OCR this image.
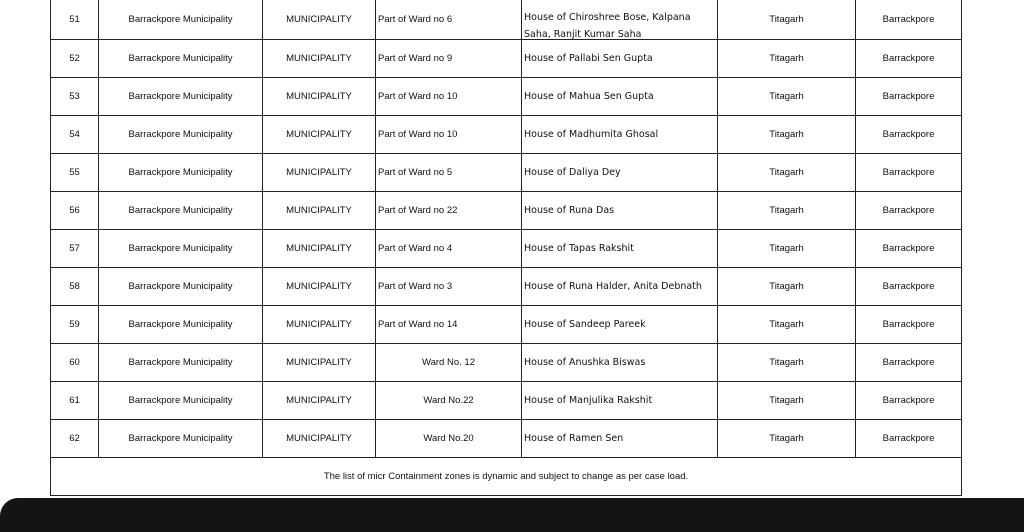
51	Barrackpore Municipality	MUNICIPALITY	Part of Ward no 6	House of Chiroshree Bose, Kalpana Saha, Ranjit Kumar Saha	Titagarh	Barrackpore
52	Barrackpore Municipality	MUNICIPALITY	Part of Ward no 9	House of Pallabi Sen Gupta	Titagarh	Barrackpore
53	Barrackpore Municipality	MUNICIPALITY	Part of Ward no 10	House of Mahua Sen Gupta	Titagarh	Barrackpore
54	Barrackpore Municipality	MUNICIPALITY	Part of Ward no 10	House of Madhumita Ghosal	Titagarh	Barrackpore
55	Barrackpore Municipality	MUNICIPALITY	Part of Ward no 5	House of Daliya Dey	Titagarh	Barrackpore
56	Barrackpore Municipality	MUNICIPALITY	Part of Ward no 22	House of Runa Das	Titagarh	Barrackpore
57	Barrackpore Municipality	MUNICIPALITY	Part of Ward no 4	House of Tapas Rakshit	Titagarh	Barrackpore
58	Barrackpore Municipality	MUNICIPALITY	Part of Ward no 3	House of Runa Halder, Anita Debnath	Titagarh	Barrackpore
59	Barrackpore Municipality	MUNICIPALITY	Part of Ward no 14	House of Sandeep Pareek	Titagarh	Barrackpore
60	Barrackpore Municipality	MUNICIPALITY	Ward No. 12	House of Anushka Biswas	Titagarh	Barrackpore
61	Barrackpore Municipality	MUNICIPALITY	Ward No.22	House of Manjulika Rakshit	Titagarh	Barrackpore
62	Barrackpore Municipality	MUNICIPALITY	Ward No.20	House of Ramen Sen	Titagarh	Barrackpore
The list of micr Containment zones is dynamic and subject to change as per case load.						
